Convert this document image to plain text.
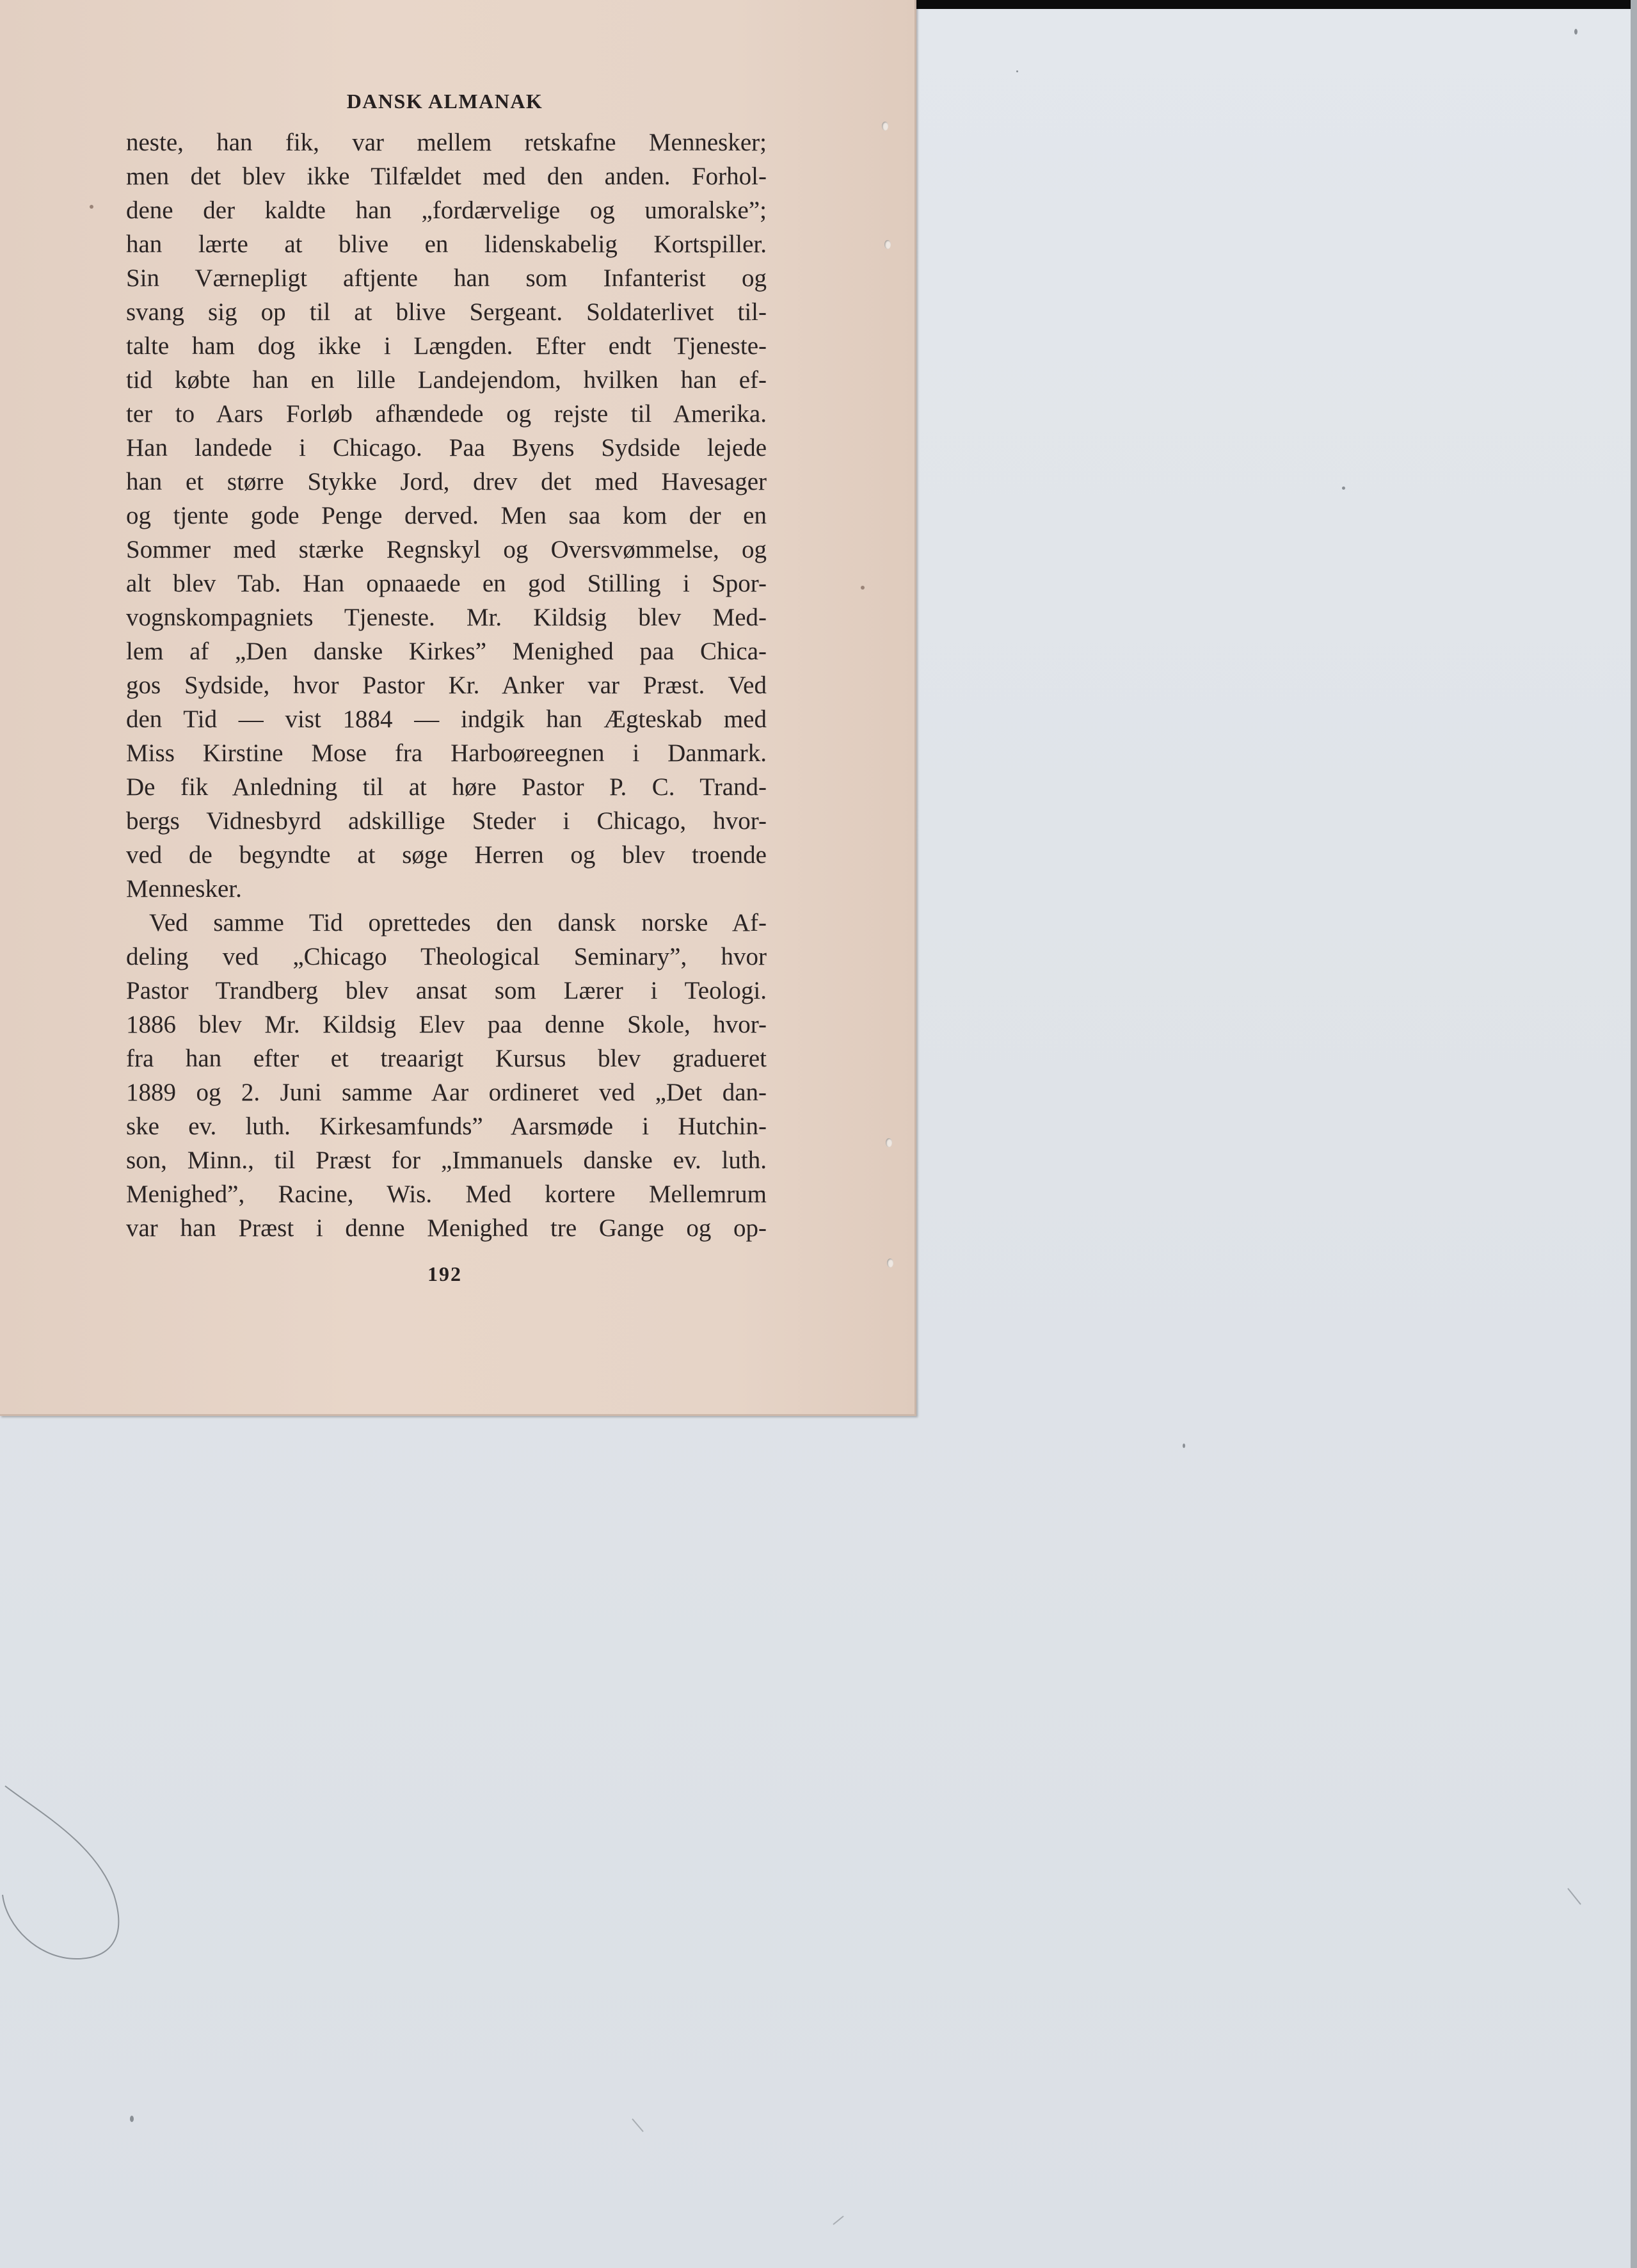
DANSK ALMANAK
neste, han fik, var mellem retskafne Mennesker;
men det blev ikke Tilfældet med den anden. Forhol-
dene der kaldte han „fordærvelige og umoralske”;
han lærte at blive en lidenskabelig Kortspiller.
Sin Værnepligt aftjente han som Infanterist og
svang sig op til at blive Sergeant. Soldaterlivet til-
talte ham dog ikke i Længden. Efter endt Tjeneste-
tid købte han en lille Landejendom, hvilken han ef-
ter to Aars Forløb afhændede og rejste til Amerika.
Han landede i Chicago. Paa Byens Sydside lejede
han et større Stykke Jord, drev det med Havesager
og tjente gode Penge derved. Men saa kom der en
Sommer med stærke Regnskyl og Oversvømmelse, og
alt blev Tab. Han opnaaede en god Stilling i Spor-
vognskompagniets Tjeneste. Mr. Kildsig blev Med-
lem af „Den danske Kirkes” Menighed paa Chica-
gos Sydside, hvor Pastor Kr. Anker var Præst. Ved
den Tid — vist 1884 — indgik han Ægteskab med
Miss Kirstine Mose fra Harboøreegnen i Danmark.
De fik Anledning til at høre Pastor P. C. Trand-
bergs Vidnesbyrd adskillige Steder i Chicago, hvor-
ved de begyndte at søge Herren og blev troende
Mennesker.
Ved samme Tid oprettedes den dansk norske Af-
deling ved „Chicago Theological Seminary”, hvor
Pastor Trandberg blev ansat som Lærer i Teologi.
1886 blev Mr. Kildsig Elev paa denne Skole, hvor-
fra han efter et treaarigt Kursus blev gradueret
1889 og 2. Juni samme Aar ordineret ved „Det dan-
ske ev. luth. Kirkesamfunds” Aarsmøde i Hutchin-
son, Minn., til Præst for „Immanuels danske ev. luth.
Menighed”, Racine, Wis. Med kortere Mellemrum
var han Præst i denne Menighed tre Gange og op-
192
